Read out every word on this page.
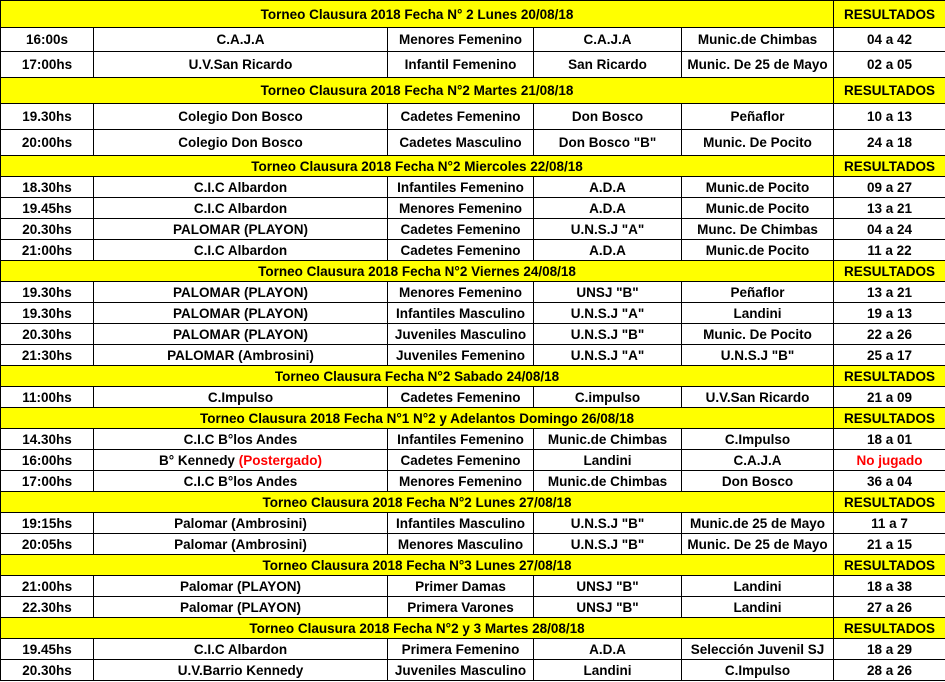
Torneo Clausura 2018 Fecha N° 2 Lunes 20/08/18					RESULTADOS
16:00s	C.A.J.A	Menores Femenino	C.A.J.A	Munic.de Chimbas	04 a 42
17:00hs	U.V.San Ricardo	Infantil Femenino	San Ricardo	Munic. De 25 de Mayo	02 a 05
Torneo Clausura 2018 Fecha N°2 Martes 21/08/18					RESULTADOS
19.30hs	Colegio Don Bosco	Cadetes Femenino	Don Bosco	Peñaflor	10 a 13
20:00hs	Colegio Don Bosco	Cadetes Masculino	Don Bosco "B"	Munic. De Pocito	24 a 18
Torneo Clausura 2018 Fecha N°2 Miercoles 22/08/18					RESULTADOS
18.30hs	C.I.C Albardon	Infantiles Femenino	A.D.A	Munic.de Pocito	09 a 27
19.45hs	C.I.C Albardon	Menores Femenino	A.D.A	Munic.de Pocito	13 a 21
20.30hs	PALOMAR (PLAYON)	Cadetes Femenino	U.N.S.J "A"	Munc. De Chimbas	04 a 24
21:00hs	C.I.C Albardon	Cadetes Femenino	A.D.A	Munic.de Pocito	11 a 22
Torneo Clausura 2018 Fecha N°2 Viernes 24/08/18					RESULTADOS
19.30hs	PALOMAR (PLAYON)	Menores Femenino	UNSJ "B"	Peñaflor	13 a 21
19.30hs	PALOMAR (PLAYON)	Infantiles Masculino	U.N.S.J "A"	Landini	19 a 13
20.30hs	PALOMAR (PLAYON)	Juveniles Masculino	U.N.S.J "B"	Munic. De Pocito	22 a 26
21:30hs	PALOMAR (Ambrosini)	Juveniles Femenino	U.N.S.J "A"	U.N.S.J "B"	25 a 17
Torneo Clausura Fecha N°2 Sabado 24/08/18					RESULTADOS
11:00hs	C.Impulso	Cadetes Femenino	C.impulso	U.V.San Ricardo	21 a 09
Torneo Clausura 2018 Fecha N°1 N°2 y Adelantos Domingo 26/08/18					RESULTADOS
14.30hs	C.I.C B°los Andes	Infantiles Femenino	Munic.de Chimbas	C.Impulso	18 a 01
16:00hs	B° Kennedy (Postergado)	Cadetes Femenino	Landini	C.A.J.A	No jugado
17:00hs	C.I.C B°los Andes	Menores Femenino	Munic.de Chimbas	Don Bosco	36 a 04
Torneo Clausura 2018 Fecha N°2 Lunes 27/08/18					RESULTADOS
19:15hs	Palomar (Ambrosini)	Infantiles Masculino	U.N.S.J "B"	Munic.de 25 de Mayo	11 a 7
20:05hs	Palomar (Ambrosini)	Menores Masculino	U.N.S.J "B"	Munic. De 25 de Mayo	21 a 15
Torneo Clausura 2018 Fecha N°3 Lunes 27/08/18					RESULTADOS
21:00hs	Palomar (PLAYON)	Primer Damas	UNSJ "B"	Landini	18 a 38
22.30hs	Palomar (PLAYON)	Primera Varones	UNSJ "B"	Landini	27 a 26
Torneo Clausura 2018 Fecha N°2 y 3 Martes 28/08/18					RESULTADOS
19.45hs	C.I.C Albardon	Primera Femenino	A.D.A	Selección Juvenil SJ	18 a 29
20.30hs	U.V.Barrio Kennedy	Juveniles Masculino	Landini	C.Impulso	28 a 26
